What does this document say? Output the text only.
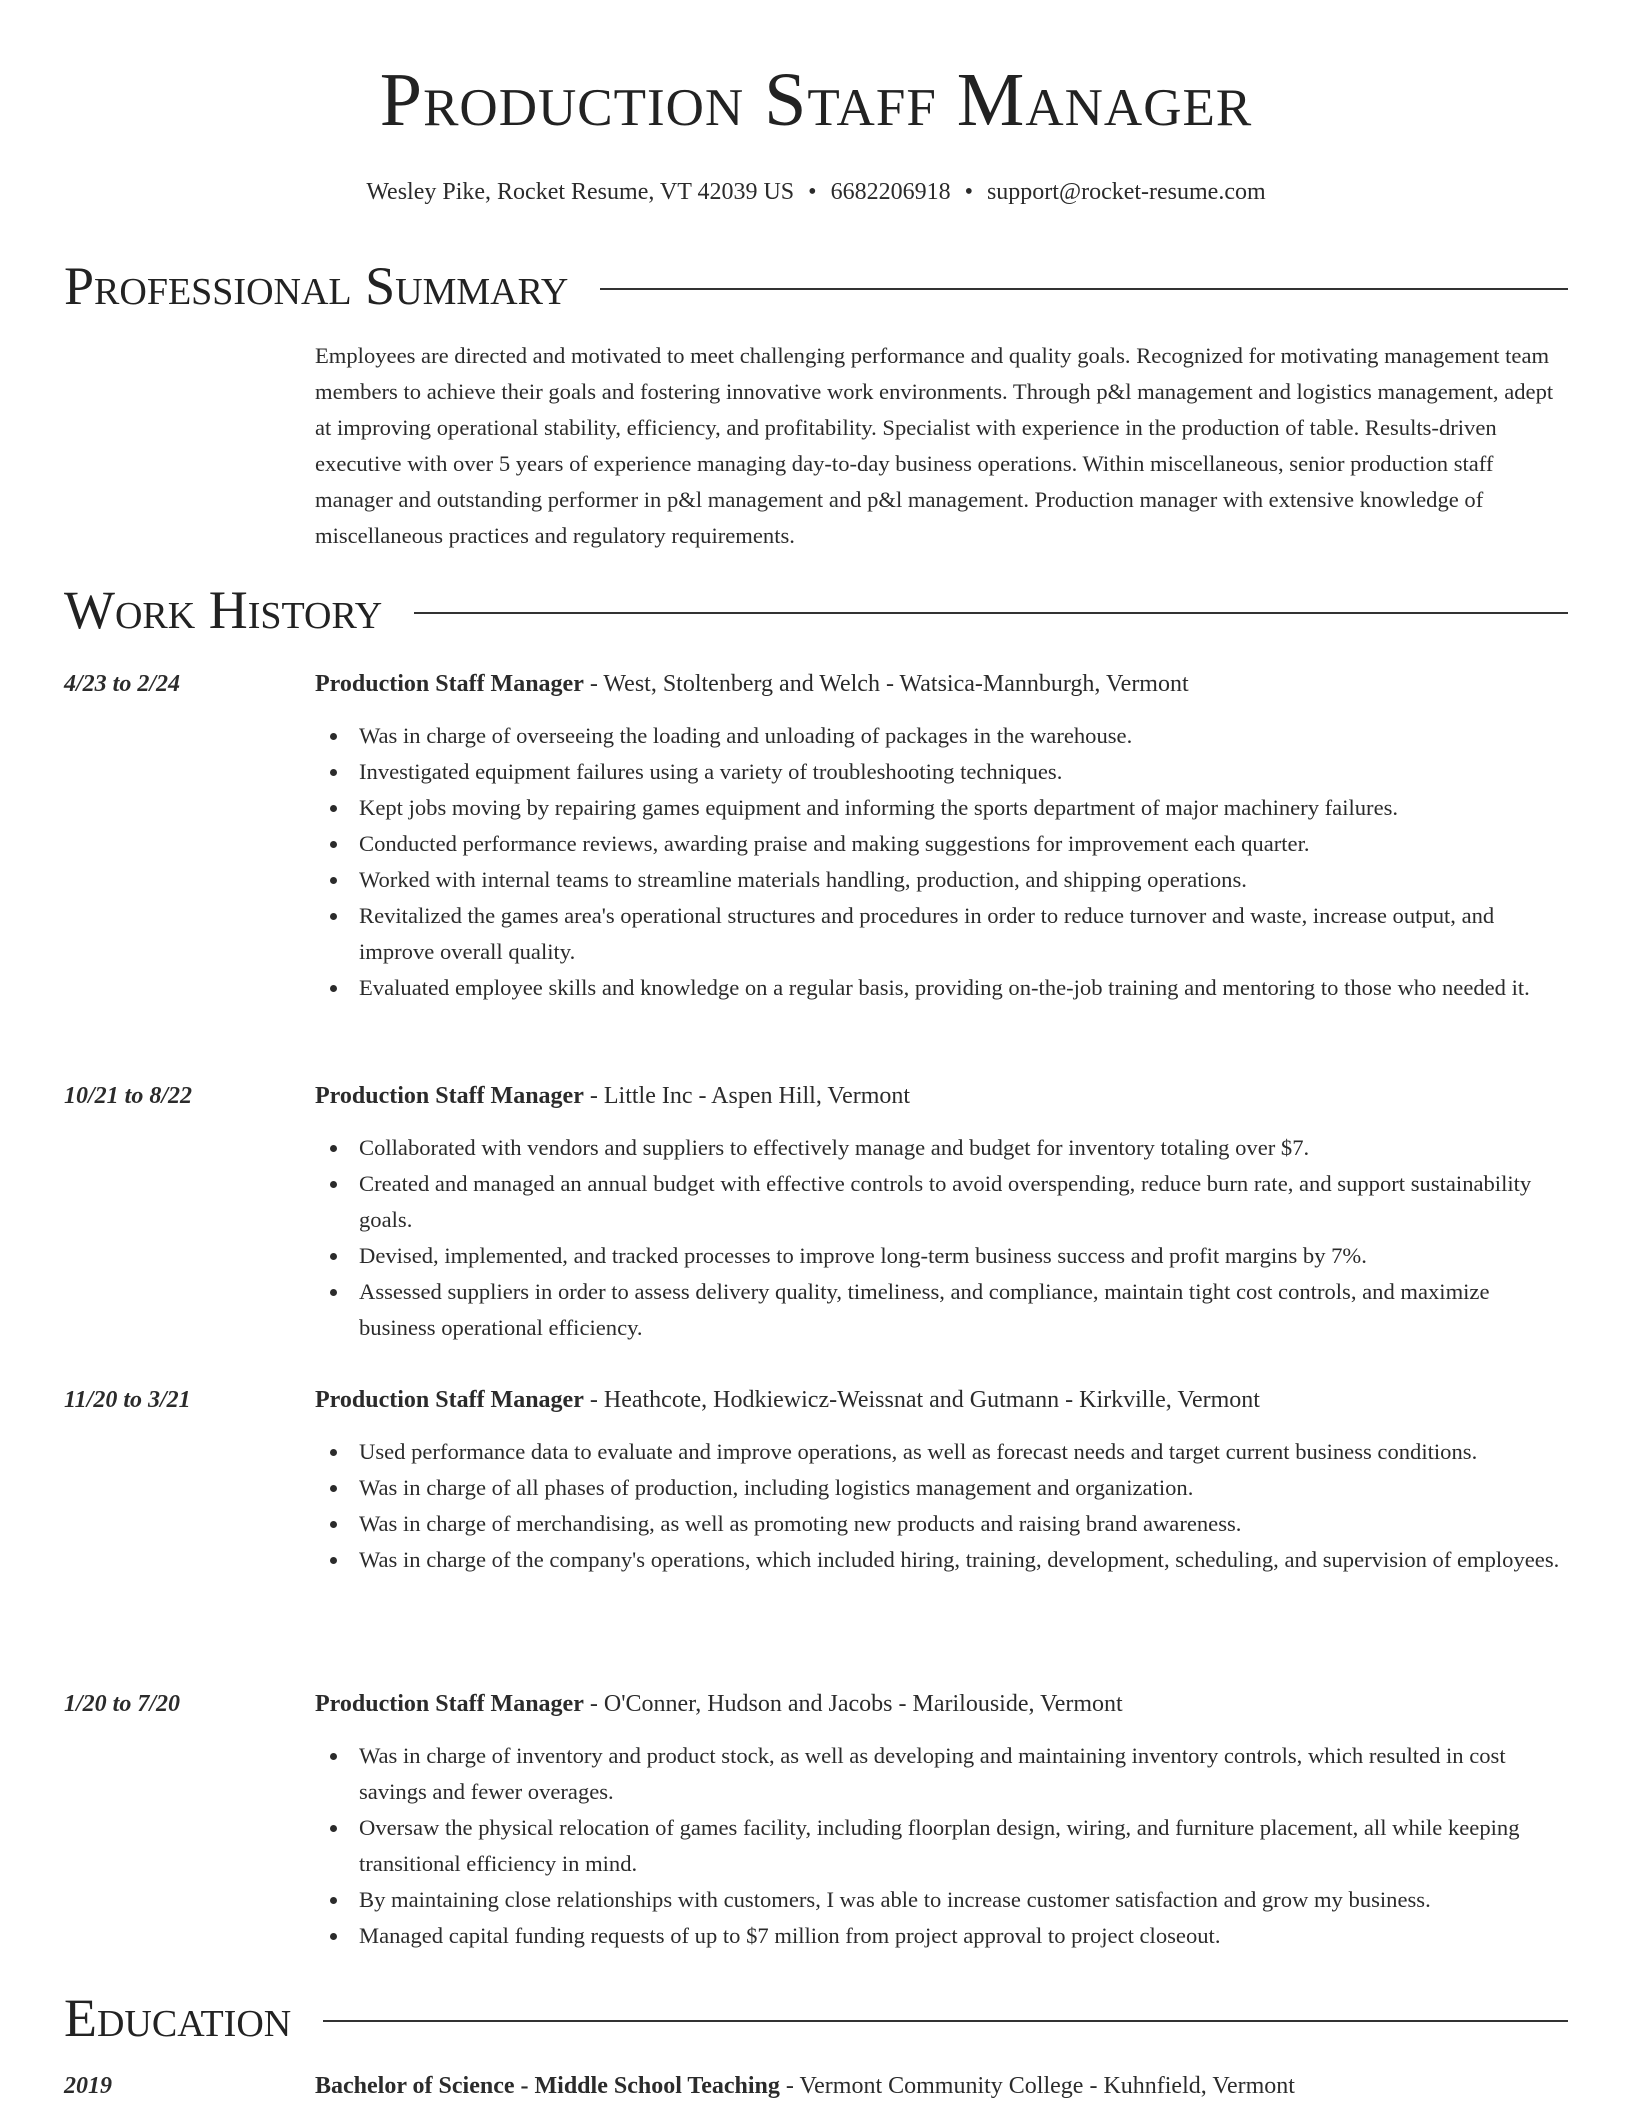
Production Staff Manager
Wesley Pike, Rocket Resume, VT 42039 US • 6682206918 • support@rocket-resume.com
Professional Summary

Employees are directed and motivated to meet challenging performance and quality goals. Recognized for motivating management team members to achieve their goals and fostering innovative work environments. Through p&l management and logistics management, adept at improving operational stability, efficiency, and profitability. Specialist with experience in the production of table. Results-driven executive with over 5 years of experience managing day-to-day business operations. Within miscellaneous, senior production staff manager and outstanding performer in p&l management and p&l management. Production manager with extensive knowledge of miscellaneous practices and regulatory requirements.

Work History
4/23 to 2/24	Production Staff Manager - West, Stoltenberg and Welch - Watsica-Mannburgh, Vermont
Was in charge of overseeing the loading and unloading of packages in the warehouse.
Investigated equipment failures using a variety of troubleshooting techniques.
Kept jobs moving by repairing games equipment and informing the sports department of major machinery failures.
Conducted performance reviews, awarding praise and making suggestions for improvement each quarter.
Worked with internal teams to streamline materials handling, production, and shipping operations.
Revitalized the games area's operational structures and procedures in order to reduce turnover and waste, increase output, and improve overall quality.
Evaluated employee skills and knowledge on a regular basis, providing on-the-job training and mentoring to those who needed it.
10/21 to 8/22	Production Staff Manager - Little Inc - Aspen Hill, Vermont
Collaborated with vendors and suppliers to effectively manage and budget for inventory totaling over $7.
Created and managed an annual budget with effective controls to avoid overspending, reduce burn rate, and support sustainability goals.
Devised, implemented, and tracked processes to improve long-term business success and profit margins by 7%.
Assessed suppliers in order to assess delivery quality, timeliness, and compliance, maintain tight cost controls, and maximize business operational efficiency.
11/20 to 3/21	Production Staff Manager - Heathcote, Hodkiewicz-Weissnat and Gutmann - Kirkville, Vermont
Used performance data to evaluate and improve operations, as well as forecast needs and target current business conditions.
Was in charge of all phases of production, including logistics management and organization.
Was in charge of merchandising, as well as promoting new products and raising brand awareness.
Was in charge of the company's operations, which included hiring, training, development, scheduling, and supervision of employees.
1/20 to 7/20	Production Staff Manager - O'Conner, Hudson and Jacobs - Marilouside, Vermont
Was in charge of inventory and product stock, as well as developing and maintaining inventory controls, which resulted in cost savings and fewer overages.
Oversaw the physical relocation of games facility, including floorplan design, wiring, and furniture placement, all while keeping transitional efficiency in mind.
By maintaining close relationships with customers, I was able to increase customer satisfaction and grow my business.
Managed capital funding requests of up to $7 million from project approval to project closeout.
Education
2019	Bachelor of Science - Middle School Teaching - Vermont Community College - Kuhnfield, Vermont
